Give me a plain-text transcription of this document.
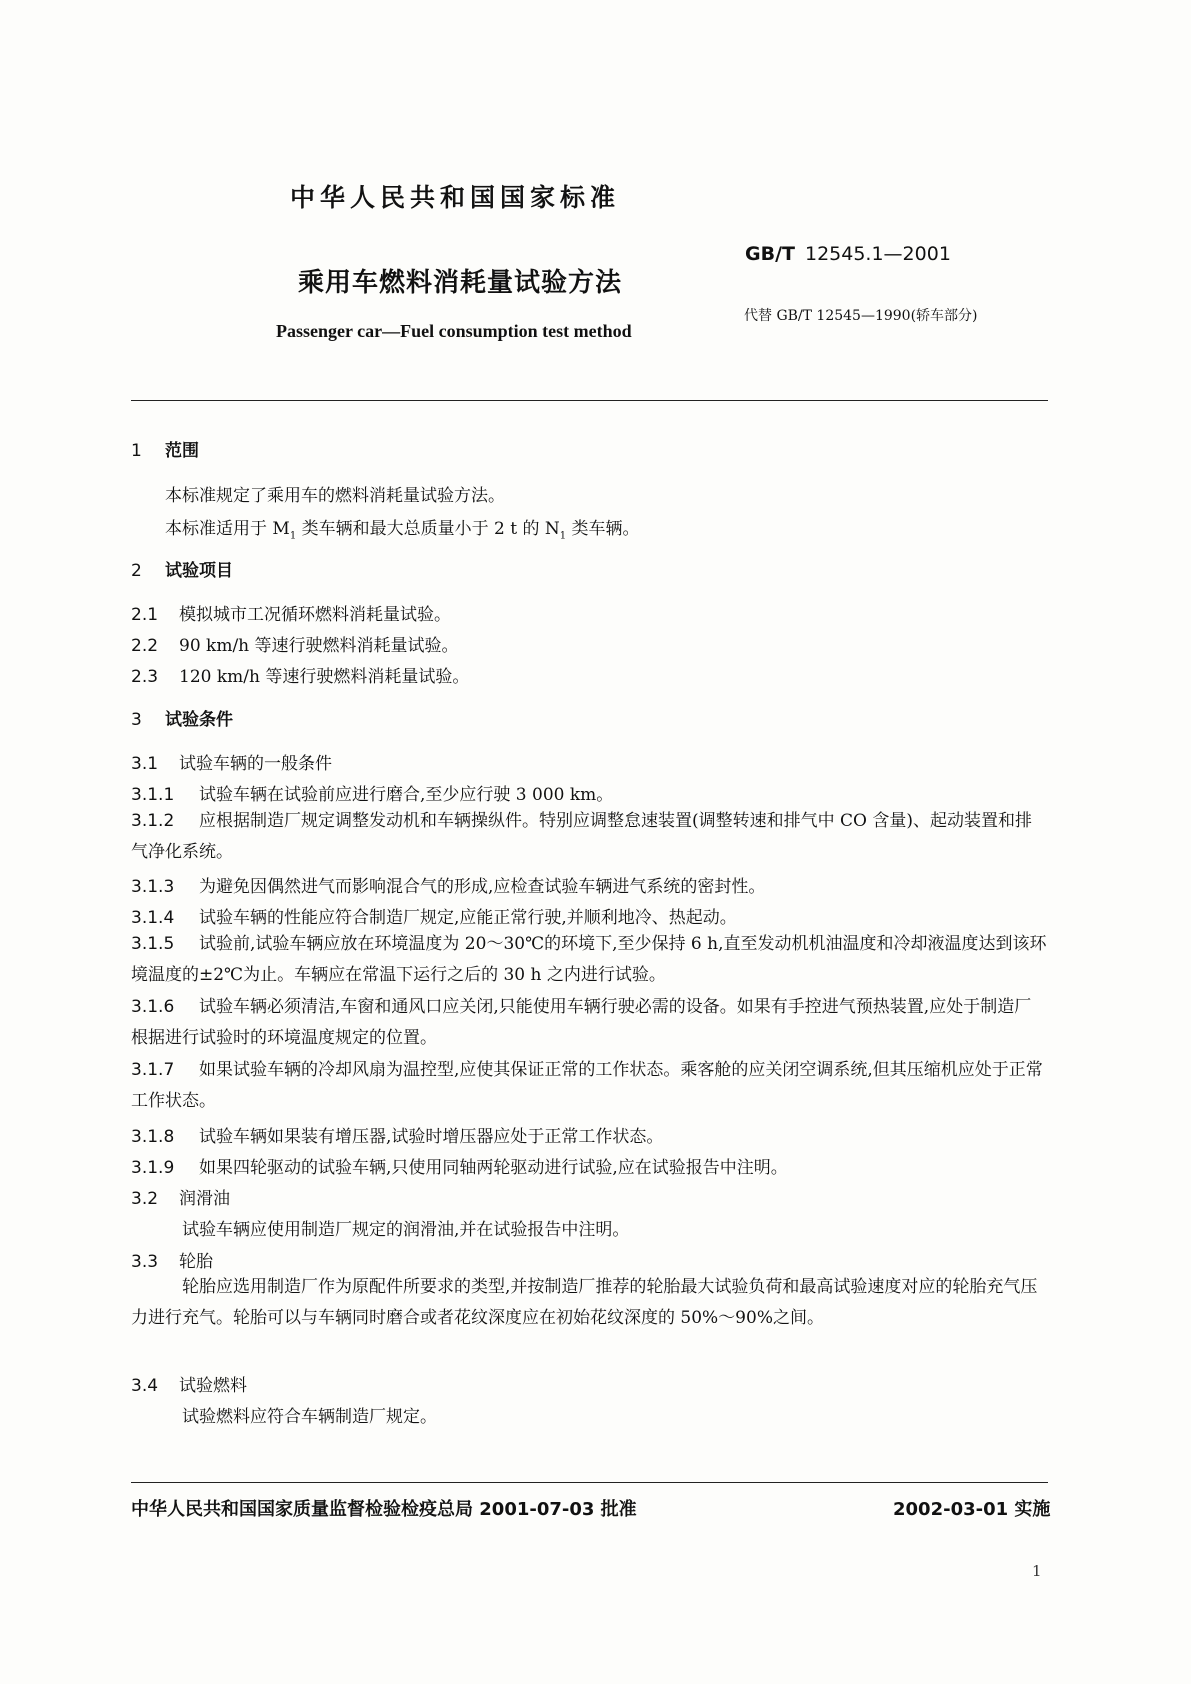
中华人民共和国国家标准
GB/T 12545.1—2001
乘用车燃料消耗量试验方法
代替 GB/T 12545—1990(轿车部分)
Passenger car—Fuel consumption test method
1 范围
本标准规定了乘用车的燃料消耗量试验方法。
本标准适用于 $M_1$ 类车辆和最大总质量小于 2 t 的 $N_1$ 类车辆。
2 试验项目
2.1 模拟城市工况循环燃料消耗量试验。
2.2 90 km/h 等速行驶燃料消耗量试验。
2.3 120 km/h 等速行驶燃料消耗量试验。
3 试验条件
3.1 试验车辆的一般条件
3.1.1 试验车辆在试验前应进行磨合,至少应行驶 3 000 km。
3.1.2 应根据制造厂规定调整发动机和车辆操纵件。特别应调整怠速装置(调整转速和排气中 CO 含量)、起动装置和排气净化系统。
3.1.3 为避免因偶然进气而影响混合气的形成,应检查试验车辆进气系统的密封性。
3.1.4 试验车辆的性能应符合制造厂规定,应能正常行驶,并顺利地冷、热起动。
3.1.5 试验前,试验车辆应放在环境温度为 20～30℃的环境下,至少保持 6 h,直至发动机机油温度和冷却液温度达到该环境温度的±2℃为止。车辆应在常温下运行之后的 30 h 之内进行试验。
3.1.6 试验车辆必须清洁,车窗和通风口应关闭,只能使用车辆行驶必需的设备。如果有手控进气预热装置,应处于制造厂根据进行试验时的环境温度规定的位置。
3.1.7 如果试验车辆的冷却风扇为温控型,应使其保证正常的工作状态。乘客舱的应关闭空调系统,但其压缩机应处于正常工作状态。
3.1.8 试验车辆如果装有增压器,试验时增压器应处于正常工作状态。
3.1.9 如果四轮驱动的试验车辆,只使用同轴两轮驱动进行试验,应在试验报告中注明。
3.2 润滑油
试验车辆应使用制造厂规定的润滑油,并在试验报告中注明。
3.3 轮胎
轮胎应选用制造厂作为原配件所要求的类型,并按制造厂推荐的轮胎最大试验负荷和最高试验速度对应的轮胎充气压力进行充气。轮胎可以与车辆同时磨合或者花纹深度应在初始花纹深度的 50%～90%之间。
3.4 试验燃料
试验燃料应符合车辆制造厂规定。
中华人民共和国国家质量监督检验检疫总局 2001-07-03 批准	2002-03-01 实施
1
